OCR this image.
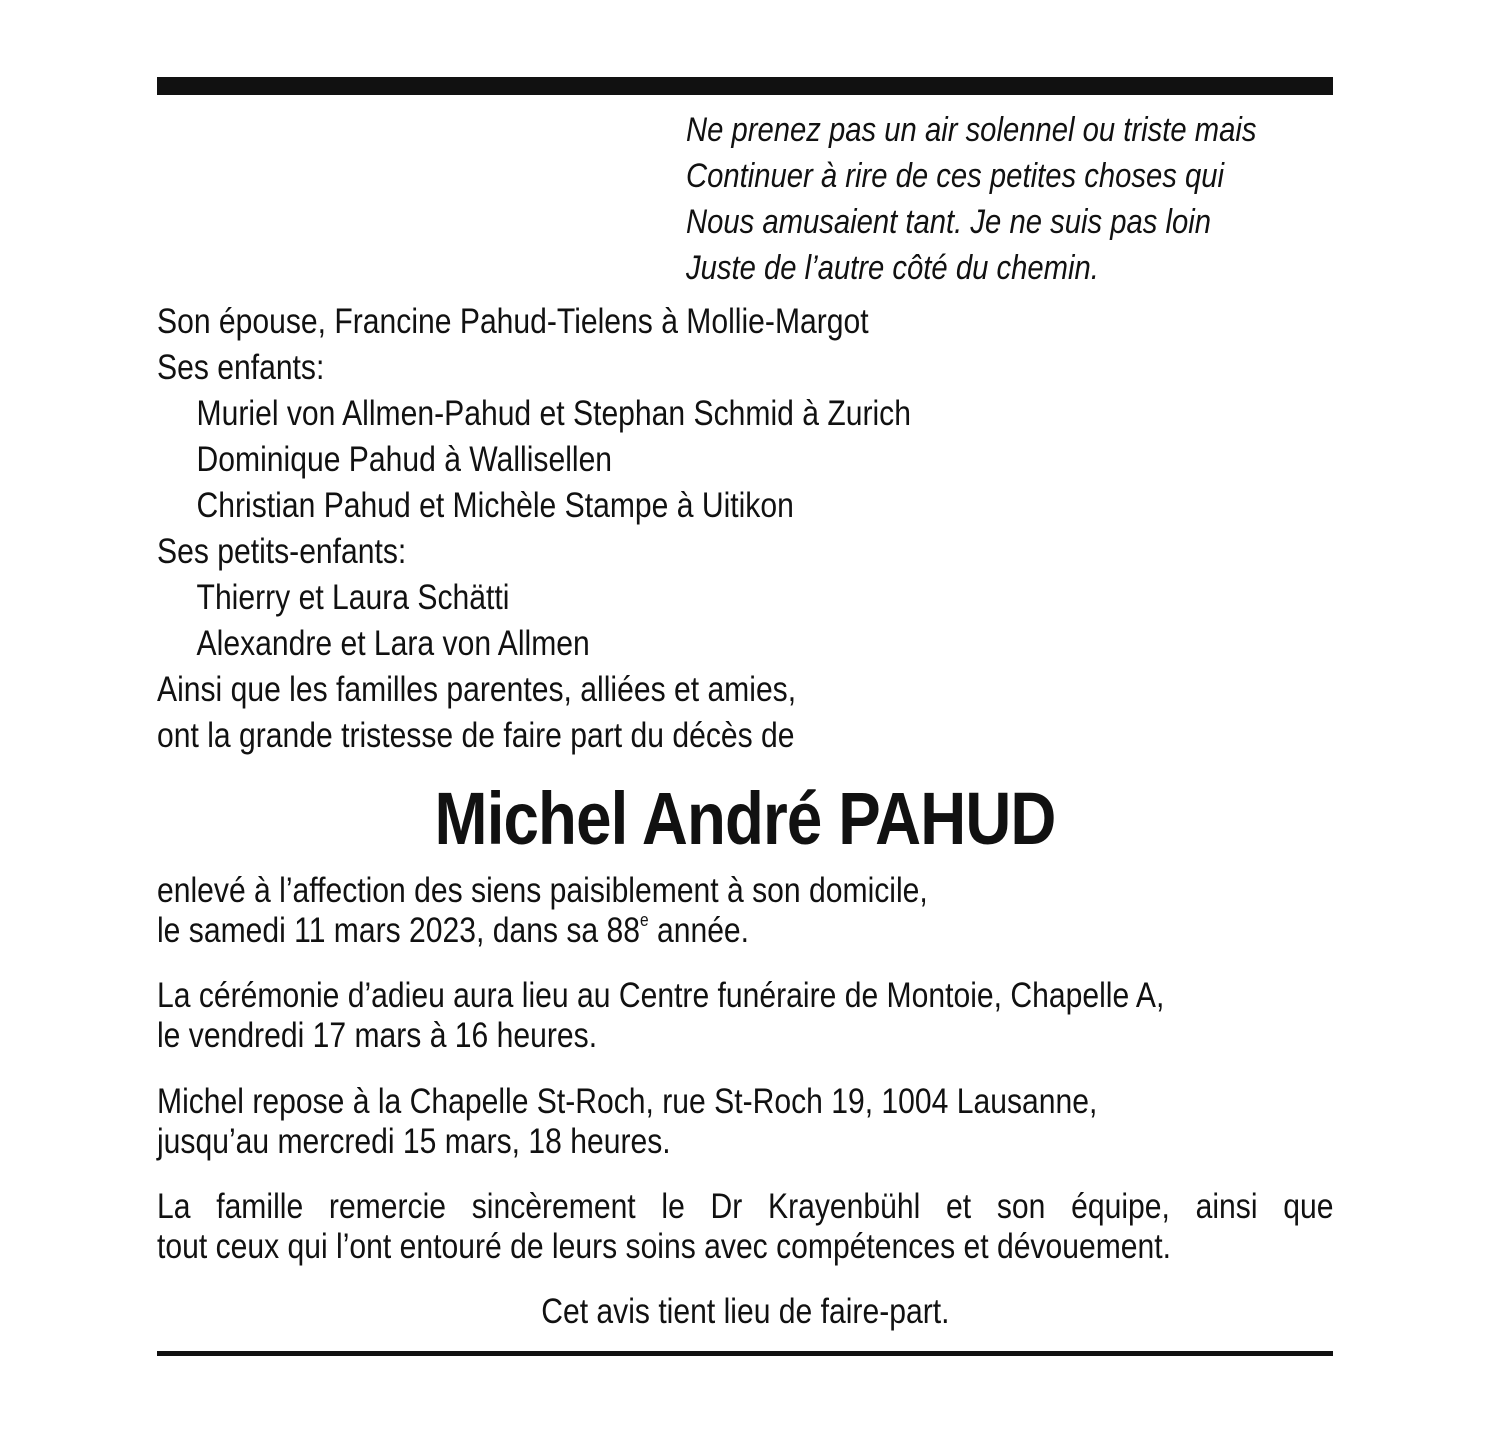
Ne prenez pas un air solennel ou triste mais
Continuer à rire de ces petites choses qui
Nous amusaient tant. Je ne suis pas loin
Juste de l’autre côté du chemin.
Son épouse, Francine Pahud-Tielens à Mollie-Margot
Ses enfants:
Muriel von Allmen-Pahud et Stephan Schmid à Zurich
Dominique Pahud à Wallisellen
Christian Pahud et Michèle Stampe à Uitikon
Ses petits-enfants:
Thierry et Laura Schätti
Alexandre et Lara von Allmen
Ainsi que les familles parentes, alliées et amies,
ont la grande tristesse de faire part du décès de
Michel André PAHUD
enlevé à l’affection des siens paisiblement à son domicile,
le samedi 11 mars 2023, dans sa 88e année.
La cérémonie d’adieu aura lieu au Centre funéraire de Montoie, Chapelle A,
le vendredi 17 mars à 16 heures.
Michel repose à la Chapelle St-Roch, rue St-Roch 19, 1004 Lausanne,
jusqu’au mercredi 15 mars, 18 heures.
La famille remercie sincèrement le Dr Krayenbühl et son équipe, ainsi que
tout ceux qui l’ont entouré de leurs soins avec compétences et dévouement.
Cet avis tient lieu de faire-part.
